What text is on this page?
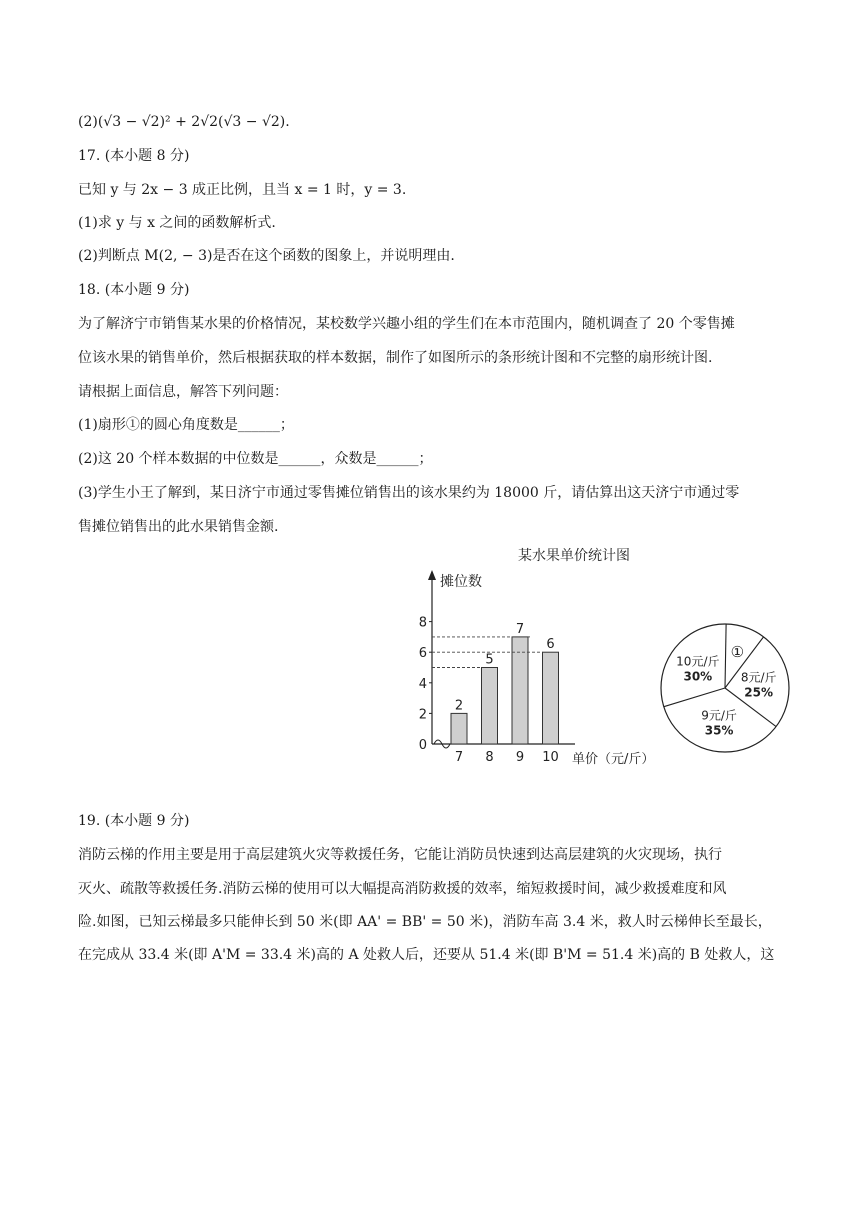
(2)(√3 − √2)² + 2√2(√3 − √2).
17. (本小题 8 分)
已知 y 与 2x − 3 成正比例，且当 x = 1 时，y = 3.
(1)求 y 与 x 之间的函数解析式.
(2)判断点 M(2, − 3)是否在这个函数的图象上，并说明理由.
18. (本小题 9 分)
为了解济宁市销售某水果的价格情况，某校数学兴趣小组的学生们在本市范围内，随机调查了 20 个零售摊
位该水果的销售单价，然后根据获取的样本数据，制作了如图所示的条形统计图和不完整的扇形统计图.
请根据上面信息，解答下列问题：
(1)扇形①的圆心角度数是______；
(2)这 20 个样本数据的中位数是______，众数是______；
(3)学生小王了解到，某日济宁市通过零售摊位销售出的该水果约为 18000 斤，请估算出这天济宁市通过零
售摊位销售出的此水果销售金额.
19. (本小题 9 分)
消防云梯的作用主要是用于高层建筑火灾等救援任务，它能让消防员快速到达高层建筑的火灾现场，执行
灭火、疏散等救援任务.消防云梯的使用可以大幅提高消防救援的效率，缩短救援时间，减少救援难度和风
险.如图，已知云梯最多只能伸长到 50 米(即 AA' = BB' = 50 米)，消防车高 3.4 米，救人时云梯伸长至最长，
在完成从 33.4 米(即 A'M = 33.4 米)高的 A 处救人后，还要从 51.4 米(即 B'M = 51.4 米)高的 B 处救人，这
某水果单价统计图
摊位数
单价（元/斤）
0
2
4
6
8
2
7
5
8
7
9
6
10
①
8元/斤
25%
9元/斤
35%
10元/斤
30%
